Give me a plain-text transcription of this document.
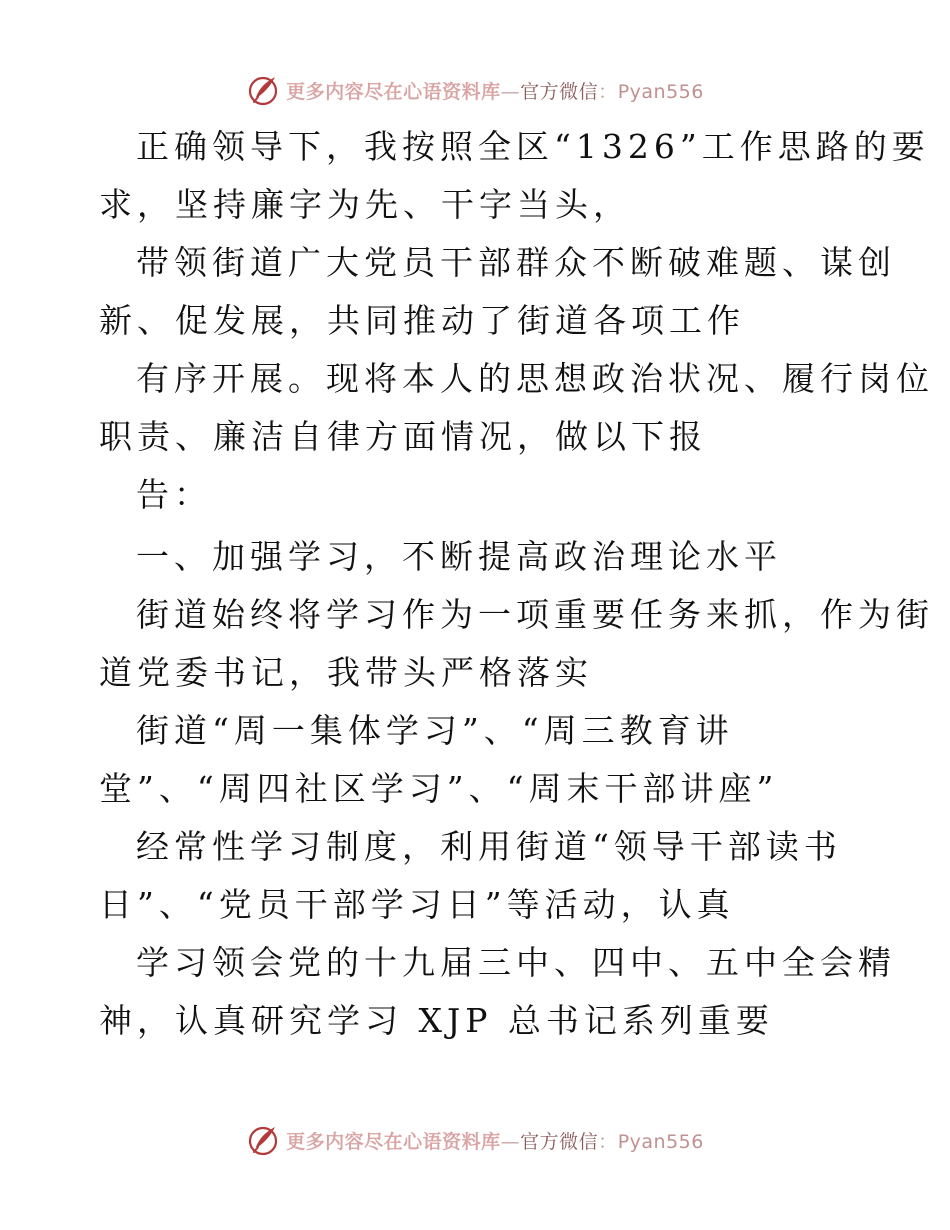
更多内容尽在心语资料库—官方微信：Pyan556
正确领导下，我按照全区“1326”工作思路的要
求，坚持廉字为先、干字当头，
带领街道广大党员干部群众不断破难题、谋创
新、促发展，共同推动了街道各项工作
有序开展。现将本人的思想政治状况、履行岗位
职责、廉洁自律方面情况，做以下报
告：
一、加强学习，不断提高政治理论水平
街道始终将学习作为一项重要任务来抓，作为街
道党委书记，我带头严格落实
街道“周一集体学习”、“周三教育讲
堂”、“周四社区学习”、“周末干部讲座”
经常性学习制度，利用街道“领导干部读书
日”、“党员干部学习日”等活动，认真
学习领会党的十九届三中、四中、五中全会精
神，认真研究学习 XJP 总书记系列重要
更多内容尽在心语资料库—官方微信：Pyan556
